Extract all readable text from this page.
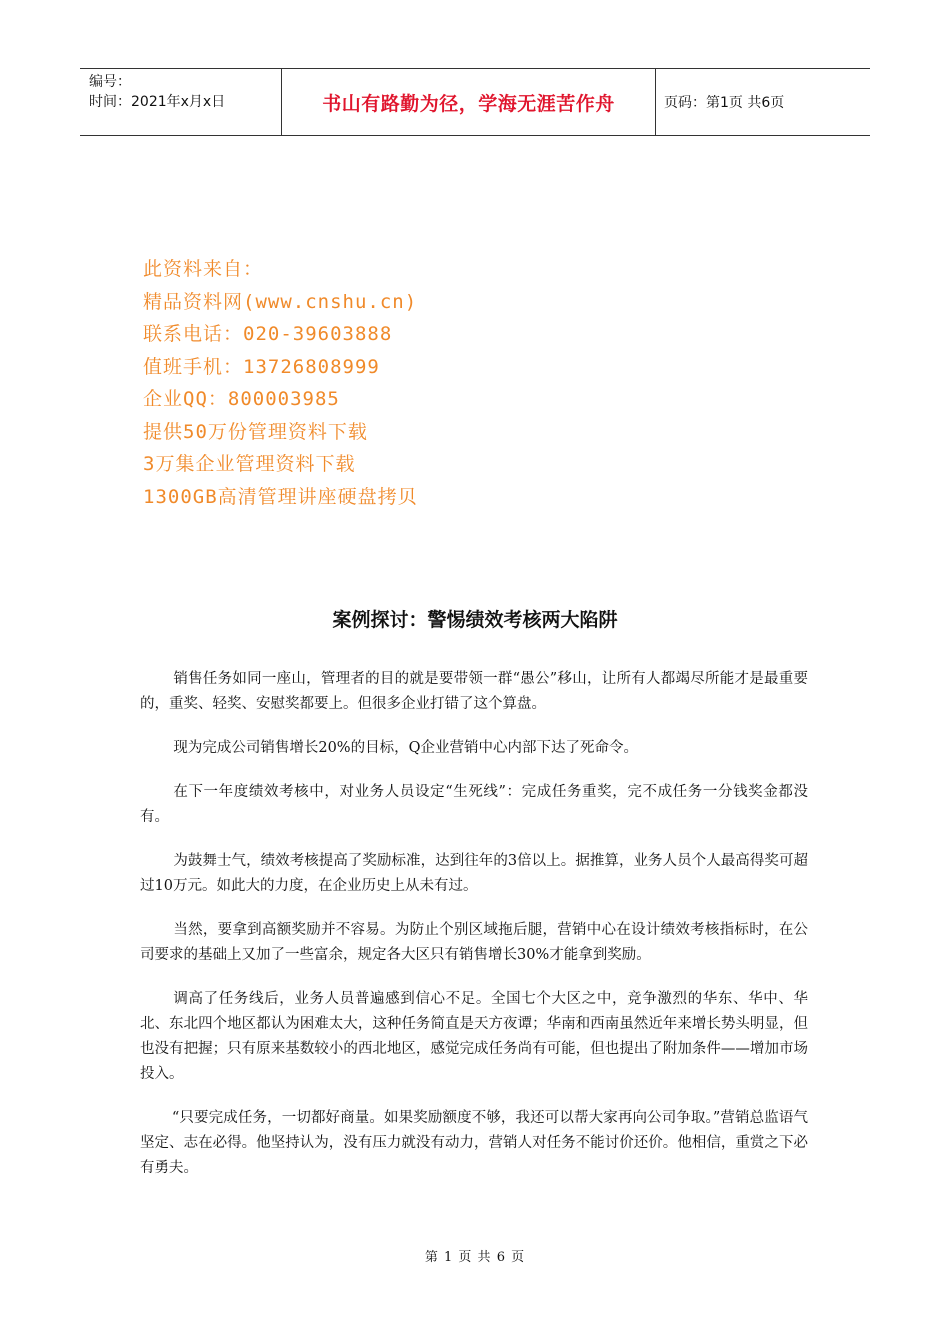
编号：
时间：2021年x月x日	书山有路勤为径，学海无涯苦作舟	页码：第1页 共6页
此资料来自：
精品资料网(www.cnshu.cn)
联系电话：020-39603888
值班手机：13726808999
企业QQ：800003985
提供50万份管理资料下载
3万集企业管理资料下载
1300GB高清管理讲座硬盘拷贝
案例探讨：警惕绩效考核两大陷阱

销售任务如同一座山，管理者的目的就是要带领一群“愚公”移山，让所有人都竭尽所能才是最重要的，重奖、轻奖、安慰奖都要上。但很多企业打错了这个算盘。

现为完成公司销售增长20%的目标，Q企业营销中心内部下达了死命令。

在下一年度绩效考核中，对业务人员设定“生死线”：完成任务重奖，完不成任务一分钱奖金都没有。

为鼓舞士气，绩效考核提高了奖励标准，达到往年的3倍以上。据推算，业务人员个人最高得奖可超过10万元。如此大的力度，在企业历史上从未有过。

当然，要拿到高额奖励并不容易。为防止个别区域拖后腿，营销中心在设计绩效考核指标时，在公司要求的基础上又加了一些富余，规定各大区只有销售增长30%才能拿到奖励。

调高了任务线后，业务人员普遍感到信心不足。全国七个大区之中，竞争激烈的华东、华中、华北、东北四个地区都认为困难太大，这种任务简直是天方夜谭；华南和西南虽然近年来增长势头明显，但也没有把握；只有原来基数较小的西北地区，感觉完成任务尚有可能，但也提出了附加条件——增加市场投入。

“只要完成任务，一切都好商量。如果奖励额度不够，我还可以帮大家再向公司争取。”营销总监语气坚定、志在必得。他坚持认为，没有压力就没有动力，营销人对任务不能讨价还价。他相信，重赏之下必有勇夫。

第 1 页 共 6 页
